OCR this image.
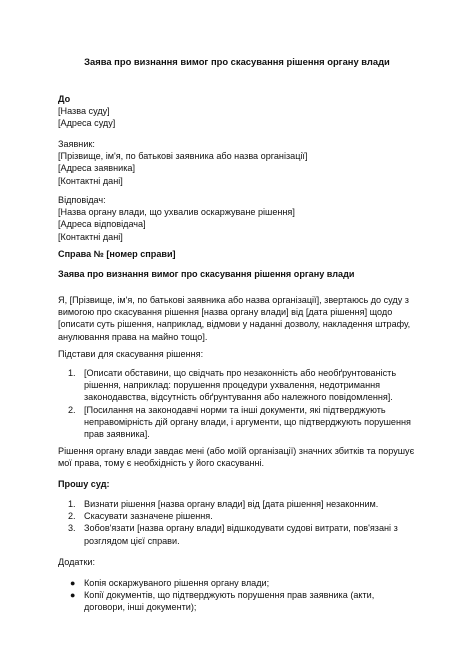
Заява про визнання вимог про скасування рішення органу влади
До
[Назва суду]
[Адреса суду]
Заявник:
[Прізвище, ім'я, по батькові заявника або назва організації]
[Адреса заявника]
[Контактні дані]
Відповідач:
[Назва органу влади, що ухвалив оскаржуване рішення]
[Адреса відповідача]
[Контактні дані]
Справа № [номер справи]
Заява про визнання вимог про скасування рішення органу влади
Я, [Прізвище, ім'я, по батькові заявника або назва організації], звертаюсь до суду з вимогою про скасування рішення [назва органу влади] від [дата рішення] щодо [описати суть рішення, наприклад, відмови у наданні дозволу, накладення штрафу, анулювання права на майно тощо].
Підстави для скасування рішення:
1. [Описати обставини, що свідчать про незаконність або необґрунтованість рішення, наприклад: порушення процедури ухвалення, недотримання законодавства, відсутність обґрунтування або належного повідомлення].
2. [Посилання на законодавчі норми та інші документи, які підтверджують неправомірність дій органу влади, і аргументи, що підтверджують порушення прав заявника].
Рішення органу влади завдає мені (або моїй організації) значних збитків та порушує мої права, тому є необхідність у його скасуванні.
Прошу суд:
1. Визнати рішення [назва органу влади] від [дата рішення] незаконним.
2. Скасувати зазначене рішення.
3. Зобов'язати [назва органу влади] відшкодувати судові витрати, пов'язані з розглядом цієї справи.
Додатки:
● Копія оскаржуваного рішення органу влади;
● Копії документів, що підтверджують порушення прав заявника (акти, договори, інші документи);
